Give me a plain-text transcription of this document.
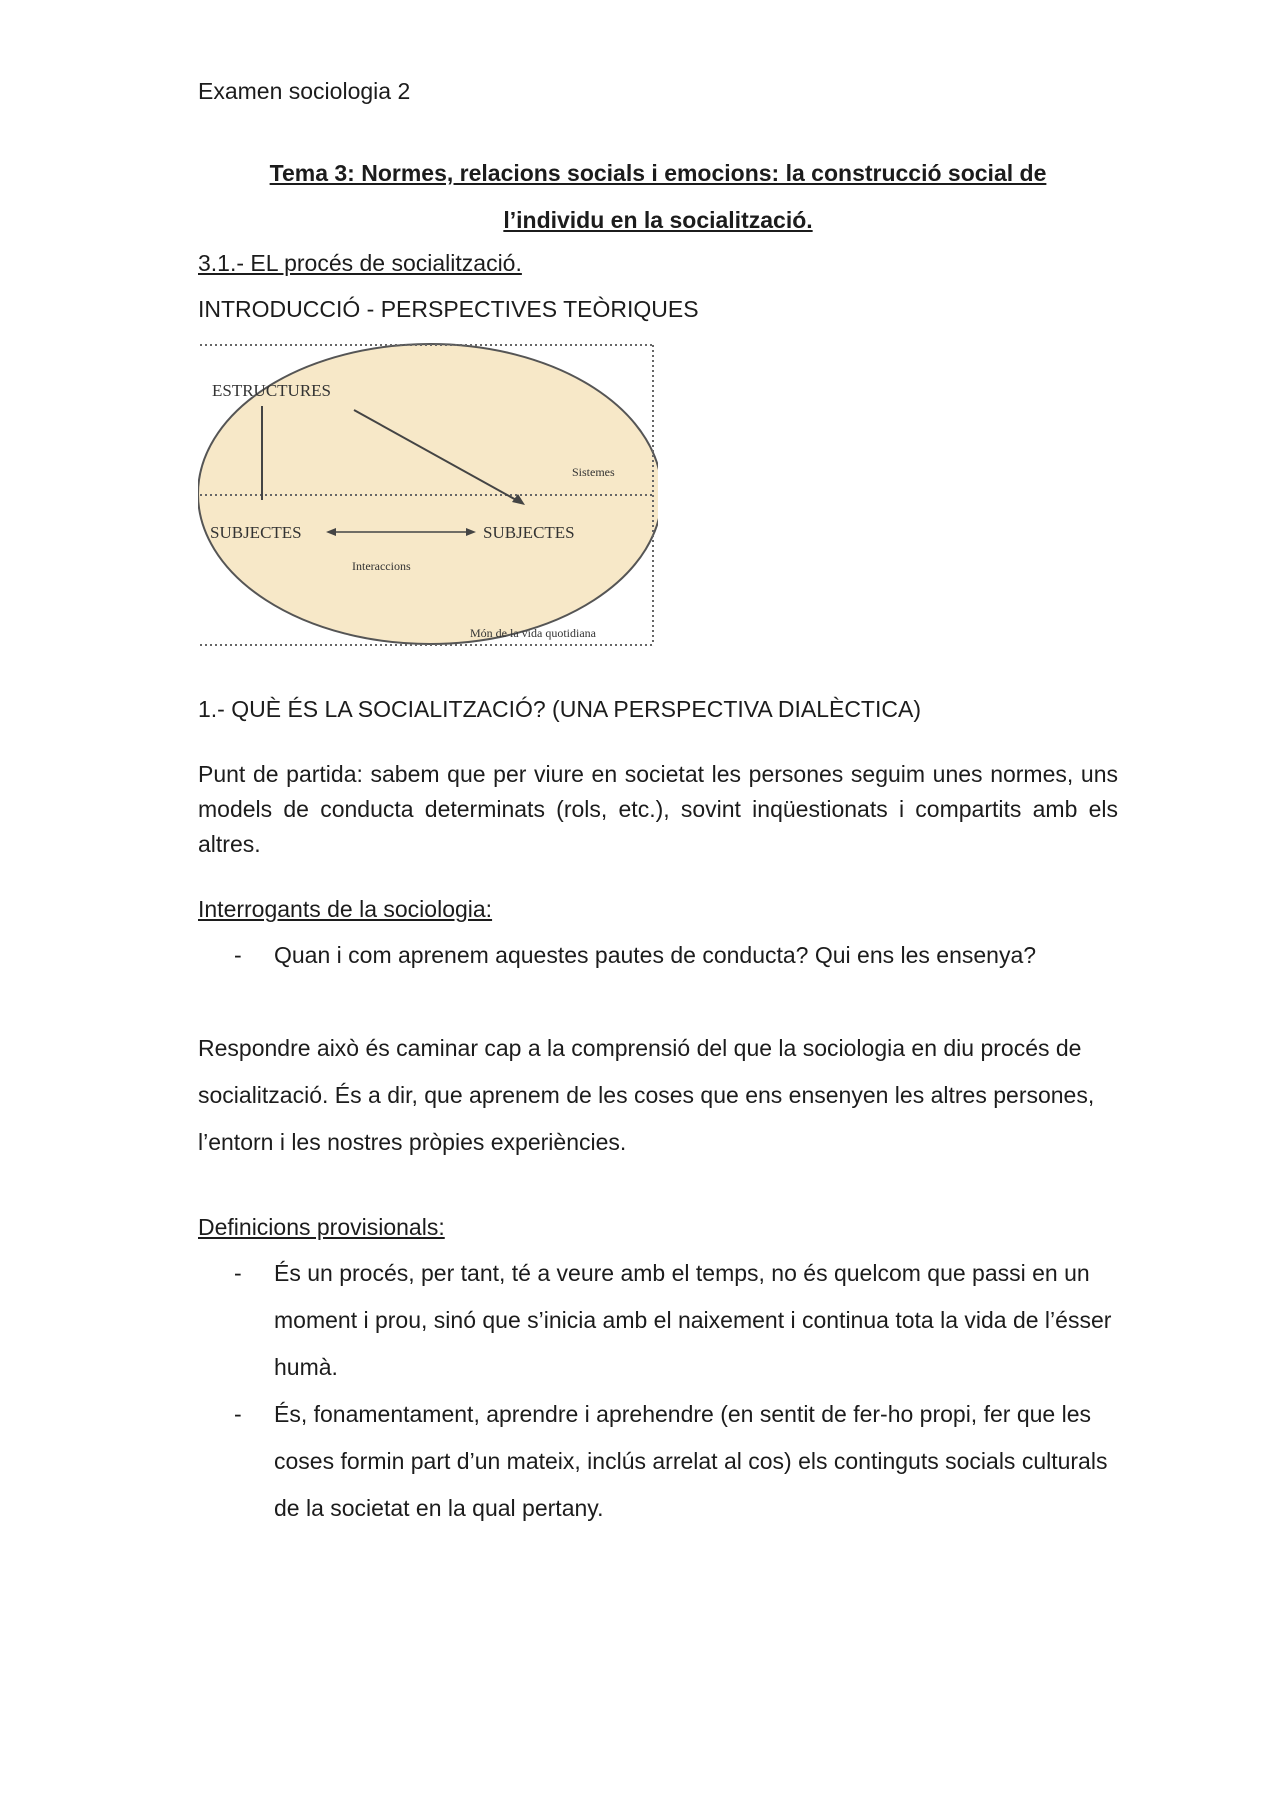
Examen sociologia 2

Tema 3: Normes, relacions socials i emocions: la construcció social de
l’individu en la socialització.

3.1.- EL procés de socialització.

INTRODUCCIÓ - PERSPECTIVES TEÒRIQUES

ESTRUCTURES
Sistemes
SUBJECTES	SUBJECTES
Interaccions
Món de la vida quotidiana

1.- QUÈ ÉS LA SOCIALITZACIÓ? (UNA PERSPECTIVA DIALÈCTICA)

Punt de partida: sabem que per viure en societat les persones seguim unes normes, uns models de conducta determinats (rols, etc.), sovint inqüestionats i compartits amb els altres.

Interrogants de la sociologia:

- Quan i com aprenem aquestes pautes de conducta? Qui ens les ensenya?

Respondre això és caminar cap a la comprensió del que la sociologia en diu procés de socialització. És a dir, que aprenem de les coses que ens ensenyen les altres persones, l’entorn i les nostres pròpies experiències.

Definicions provisionals:

- És un procés, per tant, té a veure amb el temps, no és quelcom que passi en un moment i prou, sinó que s’inicia amb el naixement i continua tota la vida de l’ésser humà.
- És, fonamentament, aprendre i aprehendre (en sentit de fer-ho propi, fer que les coses formin part d’un mateix, inclús arrelat al cos) els continguts socials culturals de la societat en la qual pertany.
